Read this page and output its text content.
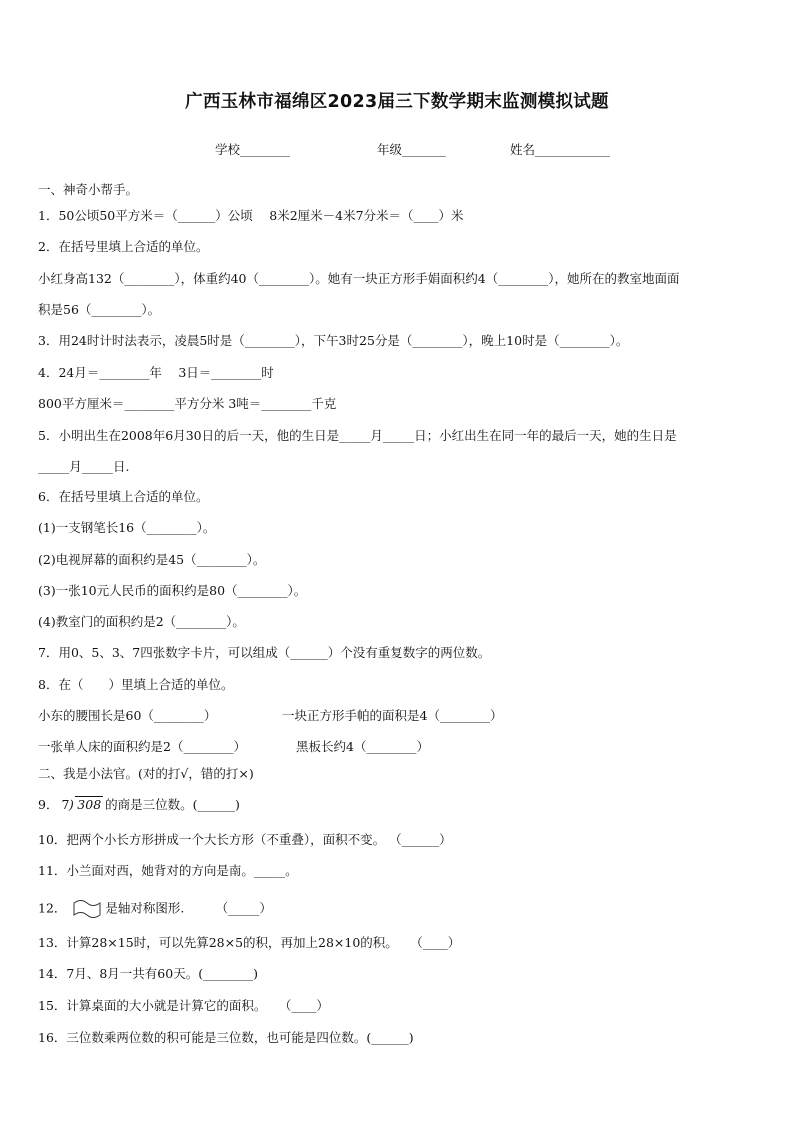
广西玉林市福绵区2023届三下数学期末监测模拟试题
学校________	年级_______	姓名____________
一、神奇小帮手。
1．50公顷50平方米＝（______）公顷　 8米2厘米－4米7分米＝（____）米
2．在括号里填上合适的单位。
小红身高132（________），体重约40（________）。她有一块正方形手娟面积约4（________），她所在的教室地面面
积是56（________）。
3．用24时计时法表示，凌晨5时是（________），下午3时25分是（________），晚上10时是（________）。
4．24月＝________年　 3日＝________时
800平方厘米＝________平方分米 3吨＝________千克
5．小明出生在2008年6月30日的后一天，他的生日是_____月_____日；小红出生在同一年的最后一天，她的生日是
_____月_____日.
6．在括号里填上合适的单位。
(1)一支钢笔长16（________）。
(2)电视屏幕的面积约是45（________）。
(3)一张10元人民币的面积约是80（________）。
(4)教室门的面积约是2（________）。
7．用0、5、3、7四张数字卡片，可以组成（______）个没有重复数字的两位数。
8．在（　　）里填上合适的单位。
小东的腰围长是60（________）	一块正方形手帕的面积是4（________）
一张单人床的面积约是2（________）	黑板长约4（________）
二、我是小法官。(对的打√，错的打×)
9． 7)308 的商是三位数。(______)
10．把两个小长方形拼成一个大长方形（不重叠），面积不变。 （______）
11．小兰面对西，她背对的方向是南。_____。
12．	是轴对称图形.　　　（_____）
13．计算28×15时，可以先算28×5的积，再加上28×10的积。　　（____）
14．7月、8月一共有60天。(________)
15．计算桌面的大小就是计算它的面积。　　（____）
16．三位数乘两位数的积可能是三位数，也可能是四位数。(______)
